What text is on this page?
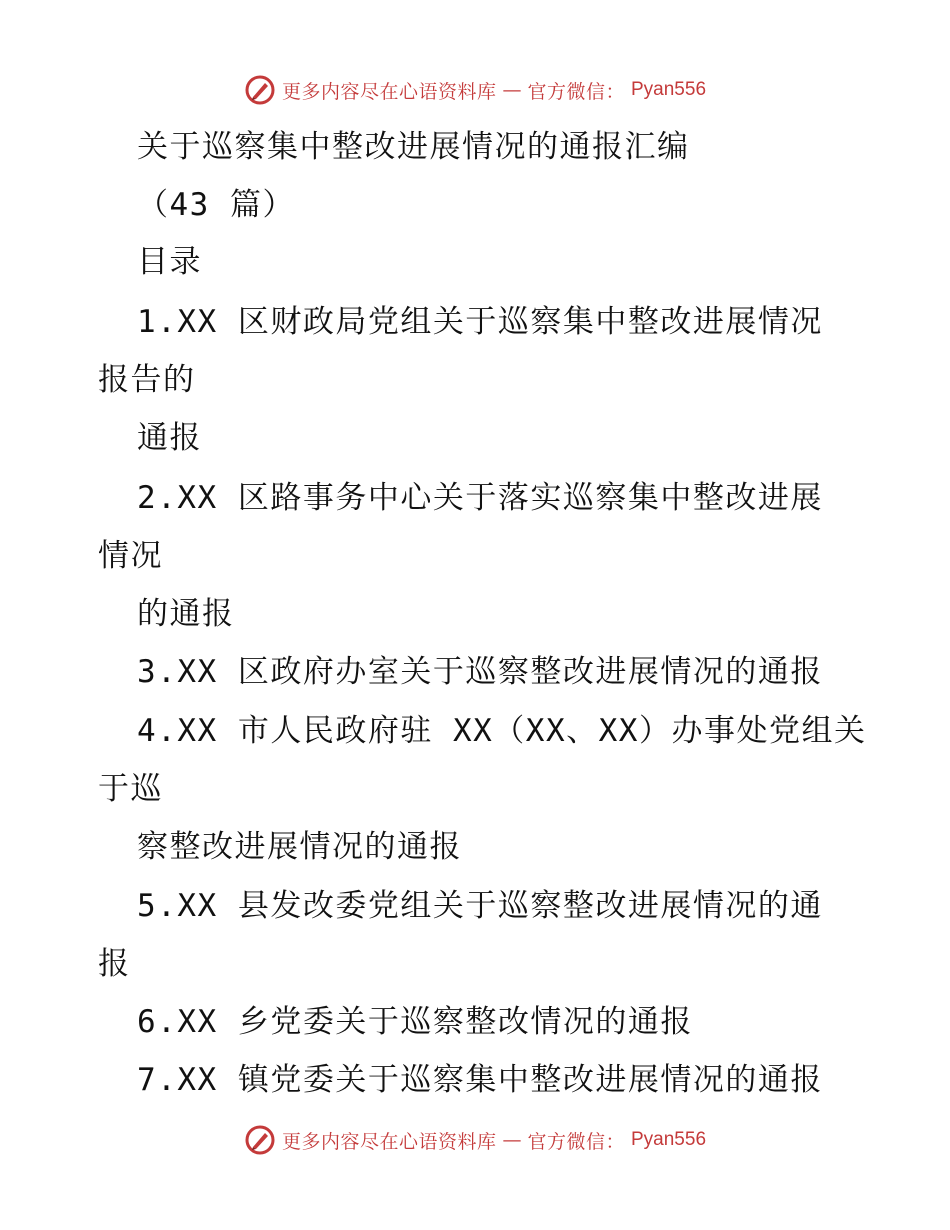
更多内容尽在心语资料库 — 官方微信： Pyan556
关于巡察集中整改进展情况的通报汇编
（43 篇）
目录
1.XX 区财政局党组关于巡察集中整改进展情况
报告的
通报
2.XX 区路事务中心关于落实巡察集中整改进展
情况
的通报
3.XX 区政府办室关于巡察整改进展情况的通报
4.XX 市人民政府驻 XX（XX、XX）办事处党组关
于巡
察整改进展情况的通报
5.XX 县发改委党组关于巡察整改进展情况的通
报
6.XX 乡党委关于巡察整改情况的通报
7.XX 镇党委关于巡察集中整改进展情况的通报
更多内容尽在心语资料库 — 官方微信： Pyan556
